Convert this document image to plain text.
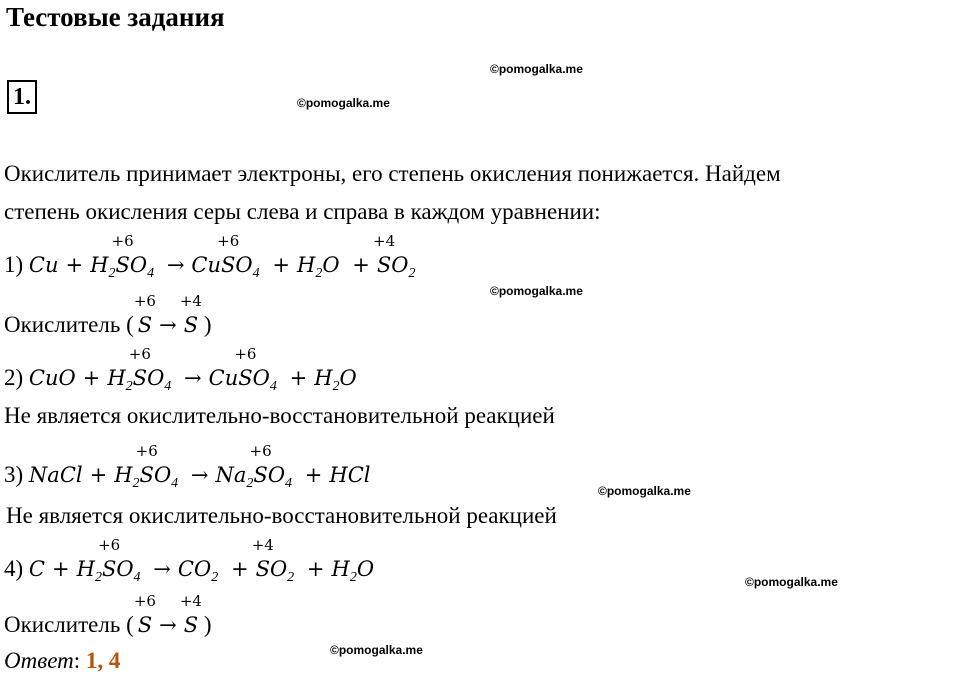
Тестовые задания
1.
©pomogalka.me
©pomogalka.me
Окислитель принимает электроны, его степень окисления понижается. Найдем
степень окисления серы слева и справа в каждом уравнении:
1) $Cu + H_2$
+6
$SO_4 \to Cu$
+6
$SO_4 + H_2O$ +
+4
$SO_2$
©pomogalka.me
Окислитель (
+6
S →
+4
S )
2) CuO + $H_2$
+6
$SO_4 \to Cu$
+6
$SO_4 + H_2O$
Не является окислительно-восстановительной реакцией
3) NaCl + $H_2$
+6
$SO_4 \to Na_2$
+6
$SO_4$ + HCl
©pomogalka.me
Не является окислительно-восстановительной реакцией
4) $C + H_2$
+6
$SO_4 \to CO_2$ +
+4
$SO_2 + H_2O$
©pomogalka.me
Окислитель (
+6
S →
+4
S )
©pomogalka.me
Ответ: 1, 4
